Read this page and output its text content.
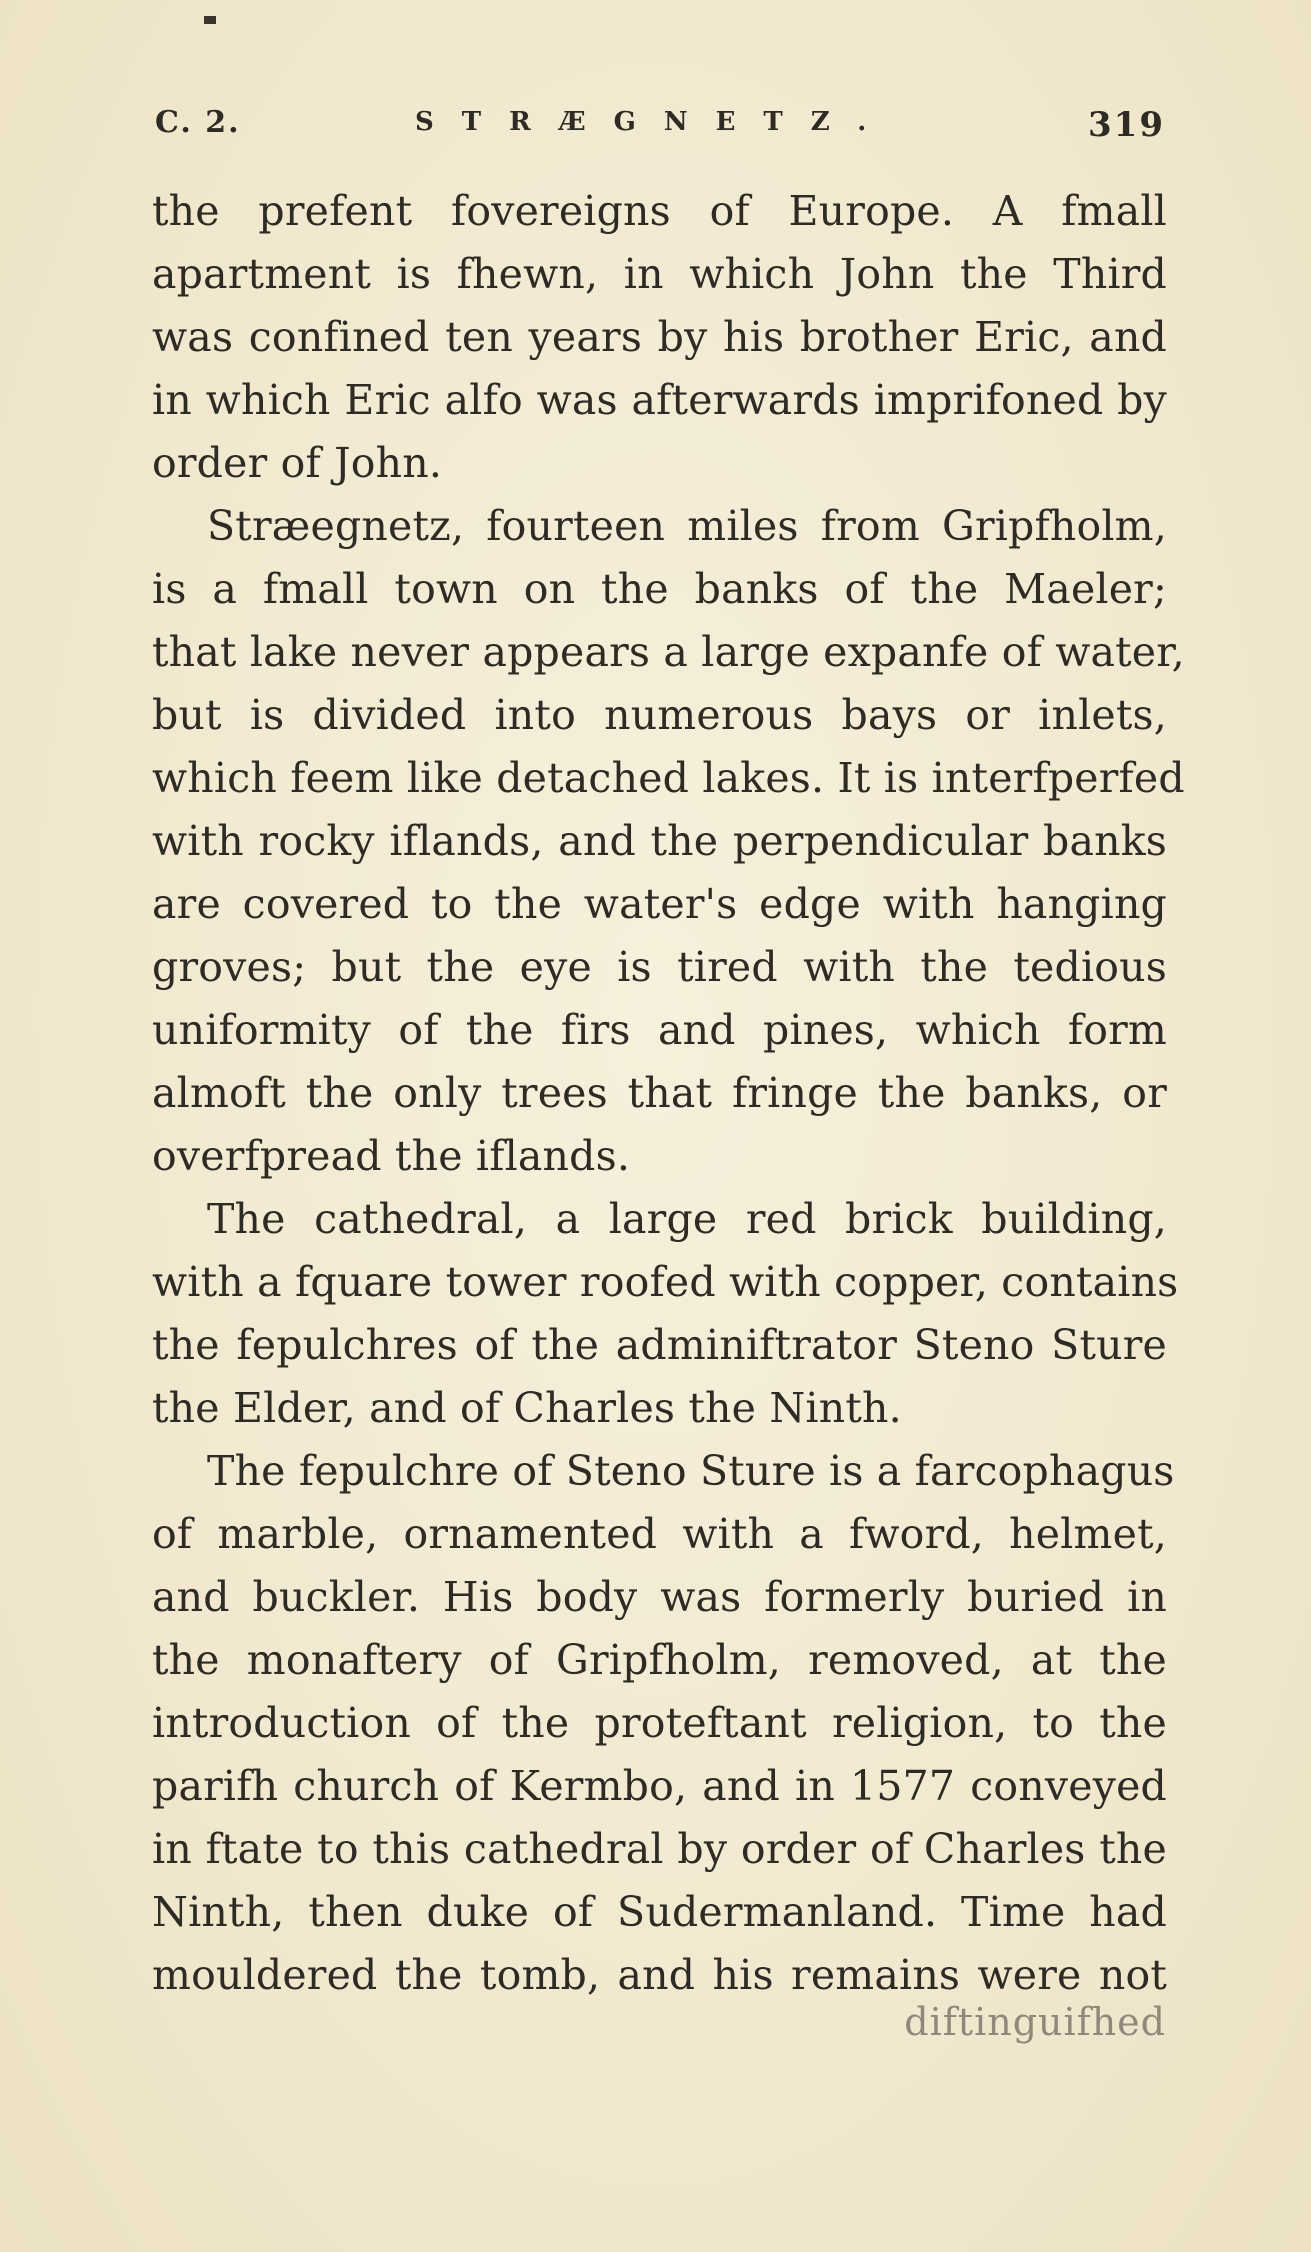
C. 2.	STRÆGNETZ.	319
the prefent fovereigns of Europe. A fmall
apartment is fhewn, in which John the Third
was confined ten years by his brother Eric, and
in which Eric alfo was afterwards imprifoned by
order of John.
Stræegnetz, fourteen miles from Gripfholm,
is a fmall town on the banks of the Maeler;
that lake never appears a large expanfe of water,
but is divided into numerous bays or inlets,
which feem like detached lakes. It is interfperfed
with rocky iflands, and the perpendicular banks
are covered to the water's edge with hanging
groves; but the eye is tired with the tedious
uniformity of the firs and pines, which form
almoft the only trees that fringe the banks, or
overfpread the iflands.
The cathedral, a large red brick building,
with a fquare tower roofed with copper, contains
the fepulchres of the adminiftrator Steno Sture
the Elder, and of Charles the Ninth.
The fepulchre of Steno Sture is a farcophagus
of marble, ornamented with a fword, helmet,
and buckler. His body was formerly buried in
the monaftery of Gripfholm, removed, at the
introduction of the proteftant religion, to the
parifh church of Kermbo, and in 1577 conveyed
in ftate to this cathedral by order of Charles the
Ninth, then duke of Sudermanland. Time had
mouldered the tomb, and his remains were not
diftinguifhed
